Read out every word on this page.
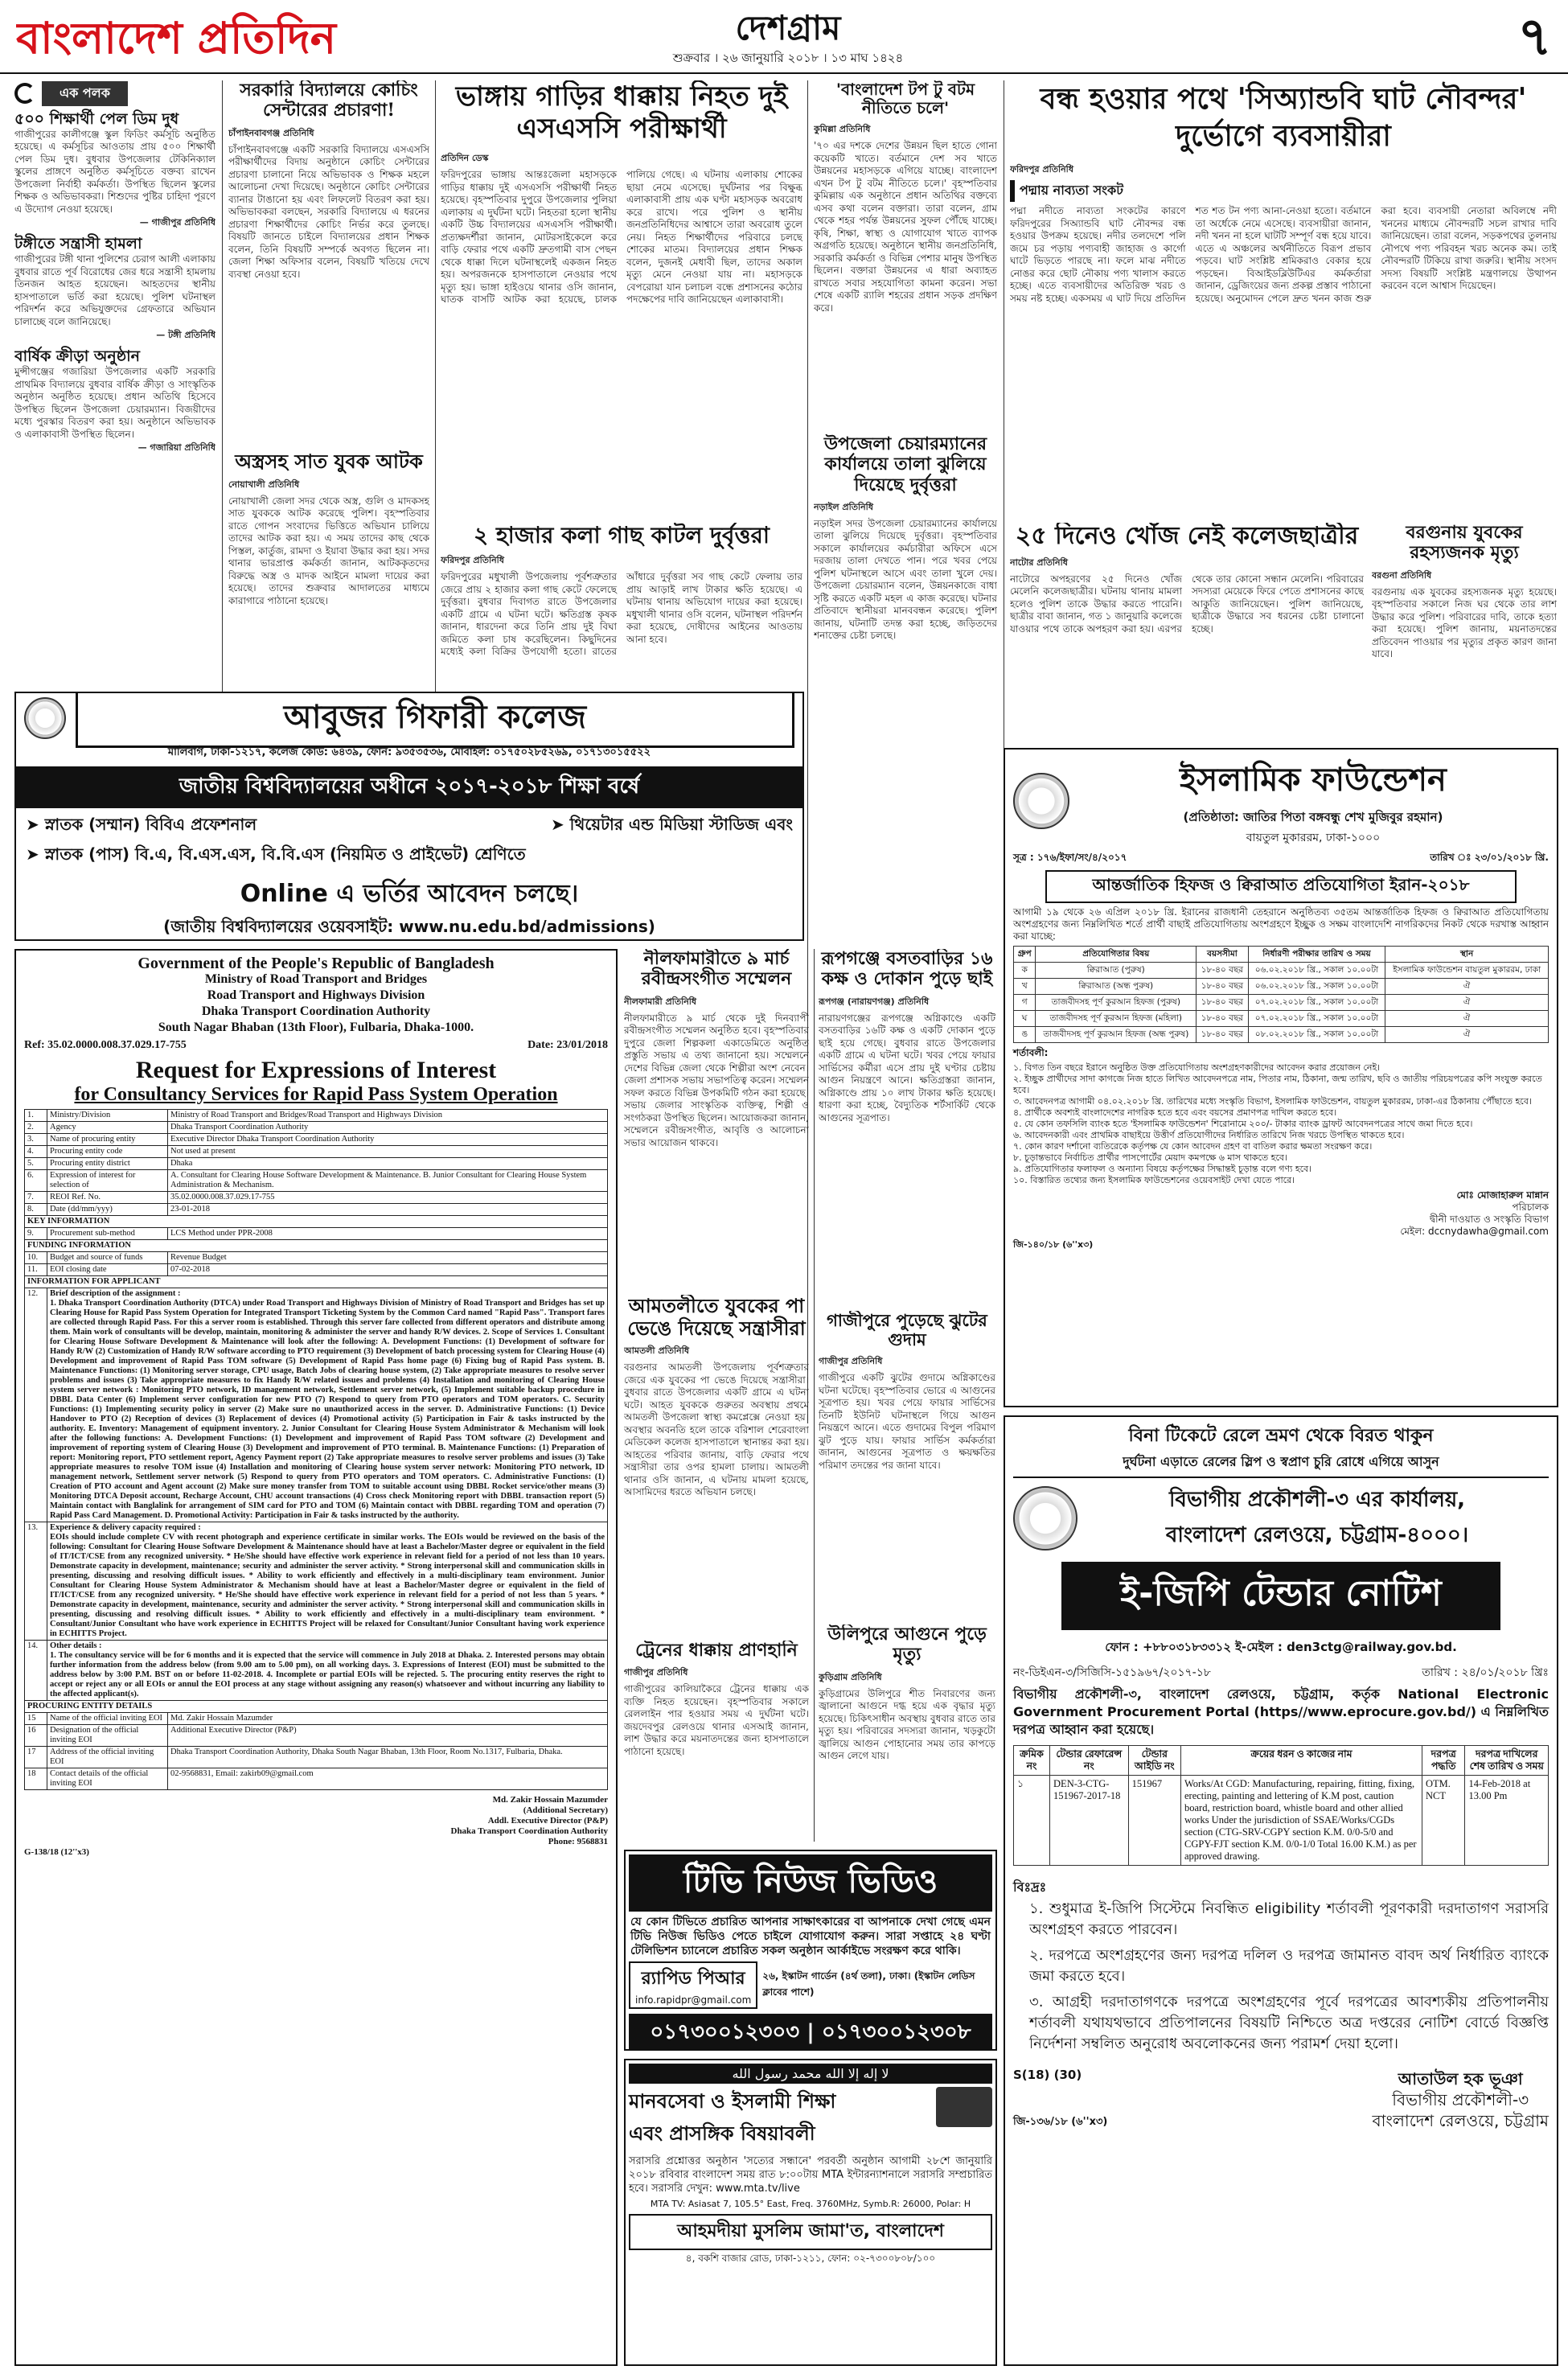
বাংলাদেশ প্রতিদিন	দেশগ্রাম
শুক্রবার । ২৬ জানুয়ারি ২০১৮ । ১৩ মাঘ ১৪২৪	৭
এক পলক
৫০০ শিক্ষার্থী পেল ডিম দুধ
গাজীপুরের কালীগঞ্জে স্কুল ফিডিং কর্মসূচি অনুষ্ঠিত হয়েছে। এ কর্মসূচির আওতায় প্রায় ৫০০ শিক্ষার্থী পেল ডিম দুধ। বুধবার উপজেলার টেকিনিক্যাল স্কুলের প্রাঙ্গণে অনুষ্ঠিত কর্মসূচিতে বক্তব্য রাখেন উপজেলা নির্বাহী কর্মকর্তা। উপস্থিত ছিলেন স্কুলের শিক্ষক ও অভিভাবকরা। শিশুদের পুষ্টির চাহিদা পূরণে এ উদ্যোগ নেওয়া হয়েছে।
— গাজীপুর প্রতিনিধি
টঙ্গীতে সন্ত্রাসী হামলা
গাজীপুরের টঙ্গী থানা পুলিশের চেরাগ আলী এলাকায় বুধবার রাতে পূর্ব বিরোধের জের ধরে সন্ত্রাসী হামলায় তিনজন আহত হয়েছেন। আহতদের স্থানীয় হাসপাতালে ভর্তি করা হয়েছে। পুলিশ ঘটনাস্থল পরিদর্শন করে অভিযুক্তদের গ্রেফতারে অভিযান চালাচ্ছে বলে জানিয়েছে।
— টঙ্গী প্রতিনিধি
বার্ষিক ক্রীড়া অনুষ্ঠান
মুন্সীগঞ্জের গজারিয়া উপজেলার একটি সরকারি প্রাথমিক বিদ্যালয়ে বুধবার বার্ষিক ক্রীড়া ও সাংস্কৃতিক অনুষ্ঠান অনুষ্ঠিত হয়েছে। প্রধান অতিথি হিসেবে উপস্থিত ছিলেন উপজেলা চেয়ারম্যান। বিজয়ীদের মধ্যে পুরস্কার বিতরণ করা হয়। অনুষ্ঠানে অভিভাবক ও এলাকাবাসী উপস্থিত ছিলেন।
— গজারিয়া প্রতিনিধি
সরকারি বিদ্যালয়ে কোচিং সেন্টারের প্রচারণা!
চাঁপাইনবাবগঞ্জ প্রতিনিধি
চাঁপাইনবাবগঞ্জে একটি সরকারি বিদ্যালয়ে এসএসসি পরীক্ষার্থীদের বিদায় অনুষ্ঠানে কোচিং সেন্টারের প্রচারণা চালানো নিয়ে অভিভাবক ও শিক্ষক মহলে আলোচনা দেখা দিয়েছে। অনুষ্ঠানে কোচিং সেন্টারের ব্যানার টাঙানো হয় এবং লিফলেট বিতরণ করা হয়। অভিভাবকরা বলছেন, সরকারি বিদ্যালয়ে এ ধরনের প্রচারণা শিক্ষার্থীদের কোচিং নির্ভর করে তুলছে। বিষয়টি জানতে চাইলে বিদ্যালয়ের প্রধান শিক্ষক বলেন, তিনি বিষয়টি সম্পর্কে অবগত ছিলেন না। জেলা শিক্ষা অফিসার বলেন, বিষয়টি খতিয়ে দেখে ব্যবস্থা নেওয়া হবে।
অস্ত্রসহ সাত যুবক আটক
নোয়াখালী প্রতিনিধি
নোয়াখালী জেলা সদর থেকে অস্ত্র, গুলি ও মাদকসহ সাত যুবককে আটক করেছে পুলিশ। বৃহস্পতিবার রাতে গোপন সংবাদের ভিত্তিতে অভিযান চালিয়ে তাদের আটক করা হয়। এ সময় তাদের কাছ থেকে পিস্তল, কার্তুজ, রামদা ও ইয়াবা উদ্ধার করা হয়। সদর থানার ভারপ্রাপ্ত কর্মকর্তা জানান, আটককৃতদের বিরুদ্ধে অস্ত্র ও মাদক আইনে মামলা দায়ের করা হয়েছে। তাদের শুক্রবার আদালতের মাধ্যমে কারাগারে পাঠানো হয়েছে।
ভাঙ্গায় গাড়ির ধাক্কায় নিহত দুই এসএসসি পরীক্ষার্থী
প্রতিদিন ডেস্ক
ফরিদপুরের ভাঙ্গায় আন্তঃজেলা মহাসড়কে গাড়ির ধাক্কায় দুই এসএসসি পরীক্ষার্থী নিহত হয়েছে। বৃহস্পতিবার দুপুরে উপজেলার পুলিয়া এলাকায় এ দুর্ঘটনা ঘটে। নিহতরা হলো স্থানীয় একটি উচ্চ বিদ্যালয়ের এসএসসি পরীক্ষার্থী। প্রত্যক্ষদর্শীরা জানান, মোটরসাইকেলে করে বাড়ি ফেরার পথে একটি দ্রুতগামী বাস পেছন থেকে ধাক্কা দিলে ঘটনাস্থলেই একজন নিহত হয়। অপরজনকে হাসপাতালে নেওয়ার পথে মৃত্যু হয়। ভাঙ্গা হাইওয়ে থানার ওসি জানান, ঘাতক বাসটি আটক করা হয়েছে, চালক পালিয়ে গেছে। এ ঘটনায় এলাকায় শোকের ছায়া নেমে এসেছে। দুর্ঘটনার পর বিক্ষুব্ধ এলাকাবাসী প্রায় এক ঘণ্টা মহাসড়ক অবরোধ করে রাখে। পরে পুলিশ ও স্থানীয় জনপ্রতিনিধিদের আশ্বাসে তারা অবরোধ তুলে নেয়। নিহত শিক্ষার্থীদের পরিবারে চলছে শোকের মাতম। বিদ্যালয়ের প্রধান শিক্ষক বলেন, দুজনই মেধাবী ছিল, তাদের অকাল মৃত্যু মেনে নেওয়া যায় না। মহাসড়কে বেপরোয়া যান চলাচল বন্ধে প্রশাসনের কঠোর পদক্ষেপের দাবি জানিয়েছেন এলাকাবাসী।
২ হাজার কলা গাছ কাটল দুর্বৃত্তরা
ফরিদপুর প্রতিনিধি
ফরিদপুরের মধুখালী উপজেলায় পূর্বশত্রুতার জেরে প্রায় ২ হাজার কলা গাছ কেটে ফেলেছে দুর্বৃত্তরা। বুধবার দিবাগত রাতে উপজেলার একটি গ্রামে এ ঘটনা ঘটে। ক্ষতিগ্রস্ত কৃষক জানান, ধারদেনা করে তিনি প্রায় দুই বিঘা জমিতে কলা চাষ করেছিলেন। কিছুদিনের মধ্যেই কলা বিক্রির উপযোগী হতো। রাতের আঁধারে দুর্বৃত্তরা সব গাছ কেটে ফেলায় তার প্রায় আড়াই লাখ টাকার ক্ষতি হয়েছে। এ ঘটনায় থানায় অভিযোগ দায়ের করা হয়েছে। মধুখালী থানার ওসি বলেন, ঘটনাস্থল পরিদর্শন করা হয়েছে, দোষীদের আইনের আওতায় আনা হবে।
'বাংলাদেশ টপ টু বটম নীতিতে চলে'
কুমিল্লা প্রতিনিধি
'৭০ এর দশকে দেশের উন্নয়ন ছিল হাতে গোনা কয়েকটি খাতে। বর্তমানে দেশ সব খাতে উন্নয়নের মহাসড়কে এগিয়ে যাচ্ছে। বাংলাদেশ এখন টপ টু বটম নীতিতে চলে।' বৃহস্পতিবার কুমিল্লায় এক অনুষ্ঠানে প্রধান অতিথির বক্তব্যে এসব কথা বলেন বক্তারা। তারা বলেন, গ্রাম থেকে শহর পর্যন্ত উন্নয়নের সুফল পৌঁছে যাচ্ছে। কৃষি, শিক্ষা, স্বাস্থ্য ও যোগাযোগ খাতে ব্যাপক অগ্রগতি হয়েছে। অনুষ্ঠানে স্থানীয় জনপ্রতিনিধি, সরকারি কর্মকর্তা ও বিভিন্ন পেশার মানুষ উপস্থিত ছিলেন। বক্তারা উন্নয়নের এ ধারা অব্যাহত রাখতে সবার সহযোগিতা কামনা করেন। সভা শেষে একটি র‍্যালি শহরের প্রধান সড়ক প্রদক্ষিণ করে।
উপজেলা চেয়ারম্যানের কার্যালয়ে তালা ঝুলিয়ে দিয়েছে দুর্বৃত্তরা
নড়াইল প্রতিনিধি
নড়াইল সদর উপজেলা চেয়ারম্যানের কার্যালয়ে তালা ঝুলিয়ে দিয়েছে দুর্বৃত্তরা। বৃহস্পতিবার সকালে কার্যালয়ের কর্মচারীরা অফিসে এসে দরজায় তালা দেখতে পান। পরে খবর পেয়ে পুলিশ ঘটনাস্থলে আসে এবং তালা খুলে দেয়। উপজেলা চেয়ারম্যান বলেন, উন্নয়নকাজে বাধা সৃষ্টি করতে একটি মহল এ কাজ করেছে। ঘটনার প্রতিবাদে স্থানীয়রা মানববন্ধন করেছে। পুলিশ জানায়, ঘটনাটি তদন্ত করা হচ্ছে, জড়িতদের শনাক্তের চেষ্টা চলছে।
বন্ধ হওয়ার পথে 'সিঅ্যান্ডবি ঘাট নৌবন্দর' দুর্ভোগে ব্যবসায়ীরা
ফরিদপুর প্রতিনিধি
পদ্মায় নাব্যতা সংকট
পদ্মা নদীতে নাব্যতা সংকটের কারণে ফরিদপুরের সিঅ্যান্ডবি ঘাট নৌবন্দর বন্ধ হওয়ার উপক্রম হয়েছে। নদীর তলদেশে পলি জমে চর পড়ায় পণ্যবাহী জাহাজ ও কার্গো ঘাটে ভিড়তে পারছে না। ফলে মাঝ নদীতে নোঙর করে ছোট নৌকায় পণ্য খালাস করতে হচ্ছে। এতে ব্যবসায়ীদের অতিরিক্ত খরচ ও সময় নষ্ট হচ্ছে। একসময় এ ঘাট দিয়ে প্রতিদিন শত শত টন পণ্য আনা-নেওয়া হতো। বর্তমানে তা অর্ধেকে নেমে এসেছে। ব্যবসায়ীরা জানান, নদী খনন না হলে ঘাটটি সম্পূর্ণ বন্ধ হয়ে যাবে। এতে এ অঞ্চলের অর্থনীতিতে বিরূপ প্রভাব পড়বে। ঘাট সংশ্লিষ্ট শ্রমিকরাও বেকার হয়ে পড়ছেন। বিআইডব্লিউটিএর কর্মকর্তারা জানান, ড্রেজিংয়ের জন্য প্রকল্প প্রস্তাব পাঠানো হয়েছে। অনুমোদন পেলে দ্রুত খনন কাজ শুরু করা হবে। ব্যবসায়ী নেতারা অবিলম্বে নদী খননের মাধ্যমে নৌবন্দরটি সচল রাখার দাবি জানিয়েছেন। তারা বলেন, সড়কপথের তুলনায় নৌপথে পণ্য পরিবহন খরচ অনেক কম। তাই নৌবন্দরটি টিকিয়ে রাখা জরুরি। স্থানীয় সংসদ সদস্য বিষয়টি সংশ্লিষ্ট মন্ত্রণালয়ে উত্থাপন করবেন বলে আশ্বাস দিয়েছেন।
২৫ দিনেও খোঁজ নেই কলেজছাত্রীর
নাটোর প্রতিনিধি
নাটোরে অপহরণের ২৫ দিনেও খোঁজ মেলেনি কলেজছাত্রীর। ঘটনায় থানায় মামলা হলেও পুলিশ তাকে উদ্ধার করতে পারেনি। ছাত্রীর বাবা জানান, গত ১ জানুয়ারি কলেজে যাওয়ার পথে তাকে অপহরণ করা হয়। এরপর থেকে তার কোনো সন্ধান মেলেনি। পরিবারের সদস্যরা মেয়েকে ফিরে পেতে প্রশাসনের কাছে আকুতি জানিয়েছেন। পুলিশ জানিয়েছে, ছাত্রীকে উদ্ধারে সব ধরনের চেষ্টা চালানো হচ্ছে।
বরগুনায় যুবকের রহস্যজনক মৃত্যু
বরগুনা প্রতিনিধি
বরগুনায় এক যুবকের রহস্যজনক মৃত্যু হয়েছে। বৃহস্পতিবার সকালে নিজ ঘর থেকে তার লাশ উদ্ধার করে পুলিশ। পরিবারের দাবি, তাকে হত্যা করা হয়েছে। পুলিশ জানায়, ময়নাতদন্তের প্রতিবেদন পাওয়ার পর মৃত্যুর প্রকৃত কারণ জানা যাবে।
আবুজর গিফারী কলেজ
মালিবাগ, ঢাকা-১২১৭, কলেজ কোড: ৬৪৩৯, ফোন: ৯৩৫৩৫৩৬, মোবাইল: ০১৭৫০২৮৫২৬৯, ০১৭১৩০১৫৫২২
জাতীয় বিশ্ববিদ্যালয়ের অধীনে ২০১৭-২০১৮ শিক্ষা বর্ষে
➤ স্নাতক (সম্মান) বিবিএ প্রফেশনাল	➤ থিয়েটার এন্ড মিডিয়া স্টাডিজ এবং
➤ স্নাতক (পাস) বি.এ, বি.এস.এস, বি.বি.এস (নিয়মিত ও প্রাইভেট) শ্রেণিতে
Online এ ভর্তির আবেদন চলছে।
(জাতীয় বিশ্ববিদ্যালয়ের ওয়েবসাইট: www.nu.edu.bd/admissions)
Government of the People's Republic of Bangladesh
Ministry of Road Transport and Bridges
Road Transport and Highways Division
Dhaka Transport Coordination Authority
South Nagar Bhaban (13th Floor), Fulbaria, Dhaka-1000.
Ref: 35.02.0000.008.37.029.17-755	Date: 23/01/2018
Request for Expressions of Interest
for Consultancy Services for Rapid Pass System Operation
1.	Ministry/Division	Ministry of Road Transport and Bridges/Road Transport and Highways Division
2.	Agency	Dhaka Transport Coordination Authority
3.	Name of procuring entity	Executive Director Dhaka Transport Coordination Authority
4.	Procuring entity code	Not used at present
5.	Procuring entity district	Dhaka
6.	Expression of interest for selection of	A. Consultant for Clearing House Software Development & Maintenance. B. Junior Consultant for Clearing House System Administration & Mechanism.
7.	REOI Ref. No.	35.02.0000.008.37.029.17-755
8.	Date (dd/mm/yyy)	23-01-2018
KEY INFORMATION		
9.	Procurement sub-method	LCS Method under PPR-2008
FUNDING INFORMATION		
10.	Budget and source of funds	Revenue Budget
11.	EOI closing date	07-02-2018
INFORMATION FOR APPLICANT		
12.	Brief description of the assignment :
1. Dhaka Transport Coordination Authority (DTCA) under Road Transport and Highways Division of Ministry of Road Transport and Bridges has set up Clearing House for Rapid Pass System Operation for Integrated Transport Ticketing System by the Common Card named "Rapid Pass". Transport fares are collected through Rapid Pass. For this a server room is established. Through this server fare collected from different operators and distribute among them. Main work of consultants will be develop, maintain, monitoring & administer the server and handy R/W devices. 2. Scope of Services 1. Consultant for Clearing House Software Development & Maintenance will look after the following: A. Development Functions: (1) Development of software for Handy R/W (2) Customization of Handy R/W software according to PTO requirement (3) Development of batch processing system for Clearing House (4) Development and improvement of Rapid Pass TOM software (5) Development of Rapid Pass home page (6) Fixing bug of Rapid Pass system. B. Maintenance Functions: (1) Monitoring server storage, CPU usage, Batch Jobs of clearing house system, (2) Take appropriate measures to resolve server problems and issues (3) Take appropriate measures to fix Handy R/W related issues and problems (4) Installation and monitoring of Clearing House system server network : Monitoring PTO network, ID management network, Settlement server network, (5) Implement suitable backup procedure in DBBL Data Center (6) Implement server configuration for new PTO (7) Respond to query from PTO operators and TOM operators. C. Security Functions: (1) Implementing security policy in server (2) Make sure no unauthorized access in the server. D. Administrative Functions: (1) Device Handover to PTO (2) Reception of devices (3) Replacement of devices (4) Promotional activity (5) Participation in Fair & tasks instructed by the authority. E. Inventory: Management of equipment inventory. 2. Junior Consultant for Clearing House System Administrator & Mechanism will look after the following functions: A. Development Functions: (1) Development and improvement of Rapid Pass TOM software (2) Development and improvement of reporting system of Clearing House (3) Development and improvement of PTO terminal. B. Maintenance Functions: (1) Preparation of report: Monitoring report, PTO settlement report, Agency Payment report (2) Take appropriate measures to resolve server problems and issues (3) Take appropriate measures to resolve TOM issue (4) Installation and monitoring of Clearing house system server network: Monitoring PTO network, ID management network, Settlement server network (5) Respond to query from PTO operators and TOM operators. C. Administrative Functions: (1) Creation of PTO account and Agent account (2) Make sure money transfer from TOM to suitable account using DBBL Rocket service/other means (3) Monitoring DTCA Deposit account, Recharge Account, CHU account transactions (4) Cross check Monitoring report with DBBL transaction report (5) Maintain contact with Banglalink for arrangement of SIM card for PTO and TOM (6) Maintain contact with DBBL regarding TOM and operation (7) Rapid Pass Card Management. D. Promotional Activity: Participation in Fair & tasks instructed by the authority.	

13.	Experience & delivery capacity required :
EOIs should include complete CV with recent photograph and experience certificate in similar works. The EOIs would be reviewed on the basis of the following: Consultant for Clearing House Software Development & Maintenance should have at least a Bachelor/Master degree or equivalent in the field of IT/ICT/CSE from any recognized university. * He/She should have effective work experience in relevant field for a period of not less than 10 years. Demonstrate capacity in development, maintenance; security and administer the server activity. * Strong interpersonal skill and communication skills in presenting, discussing and resolving difficult issues. * Ability to work efficiently and effectively in a multi-disciplinary team environment. Junior Consultant for Clearing House System Administrator & Mechanism should have at least a Bachelor/Master degree or equivalent in the field of IT/ICT/CSE from any recognized university. * He/She should have effective work experience in relevant field for a period of not less than 5 years. * Demonstrate capacity in development, maintenance, security and administer the server activity. * Strong interpersonal skill and communication skills in presenting, discussing and resolving difficult issues. * Ability to work efficiently and effectively in a multi-disciplinary team environment. * Consultant/Junior Consultant who have work experience in ECHITTS Project will be relaxed for Consultant/Junior Consultant having work experience in ECHITTS Project.	

14.	Other details :
1. The consultancy service will be for 6 months and it is expected that the service will commence in July 2018 at Dhaka. 2. Interested persons may obtain further information from the address below (from 9.00 am to 5.00 pm), on all working days. 3. Expressions of Interest (EOI) must be submitted to the address below by 3:00 P.M. BST on or before 11-02-2018. 4. Incomplete or partial EOIs will be rejected. 5. The procuring entity reserves the right to accept or reject any or all EOIs or annul the EOI process at any stage without assigning any reason(s) whatsoever and without incurring any liability to the affected applicant(s).	

PROCURING ENTITY DETAILS		
15	Name of the official inviting EOI	Md. Zakir Hossain Mazumder
16	Designation of the official inviting EOI	Additional Executive Director (P&P)
17	Address of the official inviting EOI	Dhaka Transport Coordination Authority, Dhaka South Nagar Bhaban, 13th Floor, Room No.1317, Fulbaria, Dhaka.
18	Contact details of the official inviting EOI	02-9568831, Email: zakirb09@gmail.com
Md. Zakir Hossain Mazumder
(Additional Secretary)
Addl. Executive Director (P&P)
Dhaka Transport Coordination Authority
Phone: 9568831
G-138/18 (12''x3)
নীলফামারীতে ৯ মার্চ রবীন্দ্রসংগীত সম্মেলন
নীলফামারী প্রতিনিধি
নীলফামারীতে ৯ মার্চ থেকে দুই দিনব্যাপী রবীন্দ্রসংগীত সম্মেলন অনুষ্ঠিত হবে। বৃহস্পতিবার দুপুরে জেলা শিল্পকলা একাডেমিতে অনুষ্ঠিত প্রস্তুতি সভায় এ তথ্য জানানো হয়। সম্মেলনে দেশের বিভিন্ন জেলা থেকে শিল্পীরা অংশ নেবেন। জেলা প্রশাসক সভায় সভাপতিত্ব করেন। সম্মেলন সফল করতে বিভিন্ন উপকমিটি গঠন করা হয়েছে। সভায় জেলার সাংস্কৃতিক ব্যক্তিত্ব, শিল্পী ও সংগঠকরা উপস্থিত ছিলেন। আয়োজকরা জানান, সম্মেলনে রবীন্দ্রসংগীত, আবৃত্তি ও আলোচনা সভার আয়োজন থাকবে।
আমতলীতে যুবকের পা ভেঙে দিয়েছে সন্ত্রাসীরা
আমতলী প্রতিনিধি
বরগুনার আমতলী উপজেলায় পূর্বশত্রুতার জেরে এক যুবকের পা ভেঙে দিয়েছে সন্ত্রাসীরা। বুধবার রাতে উপজেলার একটি গ্রামে এ ঘটনা ঘটে। আহত যুবককে গুরুতর অবস্থায় প্রথমে আমতলী উপজেলা স্বাস্থ্য কমপ্লেক্সে নেওয়া হয়। অবস্থার অবনতি হলে তাকে বরিশাল শেরেবাংলা মেডিকেল কলেজ হাসপাতালে স্থানান্তর করা হয়। আহতের পরিবার জানায়, বাড়ি ফেরার পথে সন্ত্রাসীরা তার ওপর হামলা চালায়। আমতলী থানার ওসি জানান, এ ঘটনায় মামলা হয়েছে, আসামিদের ধরতে অভিযান চলছে।
ট্রেনের ধাক্কায় প্রাণহানি
গাজীপুর প্রতিনিধি
গাজীপুরের কালিয়াকৈরে ট্রেনের ধাক্কায় এক ব্যক্তি নিহত হয়েছেন। বৃহস্পতিবার সকালে রেললাইন পার হওয়ার সময় এ দুর্ঘটনা ঘটে। জয়দেবপুর রেলওয়ে থানার এসআই জানান, লাশ উদ্ধার করে ময়নাতদন্তের জন্য হাসপাতালে পাঠানো হয়েছে।
রূপগঞ্জে বসতবাড়ির ১৬ কক্ষ ও দোকান পুড়ে ছাই
রূপগঞ্জ (নারায়ণগঞ্জ) প্রতিনিধি
নারায়ণগঞ্জের রূপগঞ্জে অগ্নিকাণ্ডে একটি বসতবাড়ির ১৬টি কক্ষ ও একটি দোকান পুড়ে ছাই হয়ে গেছে। বুধবার রাতে উপজেলার একটি গ্রামে এ ঘটনা ঘটে। খবর পেয়ে ফায়ার সার্ভিসের কর্মীরা এসে প্রায় দুই ঘণ্টার চেষ্টায় আগুন নিয়ন্ত্রণে আনে। ক্ষতিগ্রস্তরা জানান, অগ্নিকাণ্ডে প্রায় ১০ লাখ টাকার ক্ষতি হয়েছে। ধারণা করা হচ্ছে, বৈদ্যুতিক শর্টসার্কিট থেকে আগুনের সূত্রপাত।
গাজীপুরে পুড়েছে ঝুটের গুদাম
গাজীপুর প্রতিনিধি
গাজীপুরে একটি ঝুটের গুদামে অগ্নিকাণ্ডের ঘটনা ঘটেছে। বৃহস্পতিবার ভোরে এ আগুনের সূত্রপাত হয়। খবর পেয়ে ফায়ার সার্ভিসের তিনটি ইউনিট ঘটনাস্থলে গিয়ে আগুন নিয়ন্ত্রণে আনে। এতে গুদামের বিপুল পরিমাণ ঝুট পুড়ে যায়। ফায়ার সার্ভিস কর্মকর্তারা জানান, আগুনের সূত্রপাত ও ক্ষয়ক্ষতির পরিমাণ তদন্তের পর জানা যাবে।
উলিপুরে আগুনে পুড়ে মৃত্যু
কুড়িগ্রাম প্রতিনিধি
কুড়িগ্রামের উলিপুরে শীত নিবারণের জন্য জ্বালানো আগুনে দগ্ধ হয়ে এক বৃদ্ধার মৃত্যু হয়েছে। চিকিৎসাধীন অবস্থায় বুধবার রাতে তার মৃত্যু হয়। পরিবারের সদস্যরা জানান, খড়কুটো জ্বালিয়ে আগুন পোহানোর সময় তার কাপড়ে আগুন লেগে যায়।
টিভি নিউজ ভিডিও
যে কোন টিভিতে প্রচারিত আপনার সাক্ষাৎকারের বা আপনাকে দেখা গেছে এমন টিভি নিউজ ভিডিও পেতে চাইলে যোগাযোগ করুন। সারা সপ্তাহে ২৪ ঘণ্টা টেলিভিশন চ্যানেলে প্রচারিত সকল অনুষ্ঠান আর্কাইভে সংরক্ষণ করে থাকি।
র‍্যাপিড পিআর
info.rapidpr@gmail.com
২৬, ইস্কাটন গার্ডেন (৪র্থ তলা), ঢাকা। (ইস্কাটন লেডিস ক্লাবের পাশে)
০১৭৩০০১২৩০৩ | ০১৭৩০০১২৩০৮
لا إله إلا الله محمد رسول الله
মানবসেবা ও ইসলামী শিক্ষা
এবং প্রাসঙ্গিক বিষয়াবলী
সরাসরি প্রশ্নোত্তর অনুষ্ঠান 'সত্যের সন্ধানে' পরবর্তী অনুষ্ঠান আগামী ২৮শে জানুয়ারি ২০১৮ রবিবার বাংলাদেশ সময় রাত ৮:০০টায় MTA ইন্টারন্যাশনালে সরাসরি সম্প্রচারিত হবে। সরাসরি দেখুন: www.mta.tv/live
MTA TV: Asiasat 7, 105.5° East, Freq. 3760MHz, Symb.R: 26000, Polar: H
আহমদীয়া মুসলিম জামা'ত, বাংলাদেশ
৪, বকশি বাজার রোড, ঢাকা-১২১১, ফোন: ০২-৭৩০০৮০৮/১০০
ইসলামিক ফাউন্ডেশন
(প্রতিষ্ঠাতা: জাতির পিতা বঙ্গবন্ধু শেখ মুজিবুর রহমান)
বায়তুল মুকাররম, ঢাকা-১০০০
সূত্র : ১৭৬/ইফা/সং/৪/২০১৭	তারিখ ঃ ২৩/০১/২০১৮ খ্রি.
আন্তর্জাতিক হিফজ ও ক্বিরাআত প্রতিযোগিতা ইরান-২০১৮
আগামী ১৯ থেকে ২৬ এপ্রিল ২০১৮ খ্রি. ইরানের রাজধানী তেহরানে অনুষ্ঠিতব্য ৩৫তম আন্তর্জাতিক হিফজ ও ক্বিরাআত প্রতিযোগিতায় অংশগ্রহণের জন্য নিম্নলিখিত শর্তে প্রার্থী বাছাই প্রতিযোগিতায় অংশগ্রহণে ইচ্ছুক ও সক্ষম বাংলাদেশি নাগরিকদের নিকট থেকে দরখাস্ত আহ্বান করা যাচ্ছে:
গ্রুপ	প্রতিযোগিতার বিষয়	বয়সসীমা	নির্ধারণী পরীক্ষার তারিখ ও সময়	স্থান
ক	ক্বিরাআত (পুরুষ)	১৮-৪০ বছর	০৬.০২.২০১৮ খ্রি., সকাল ১০.০০টা	ইসলামিক ফাউন্ডেশন বায়তুল মুকাররম, ঢাকা
খ	ক্বিরাআত (অন্ধ পুরুষ)	১৮-৪০ বছর	০৬.০২.২০১৮ খ্রি., সকাল ১০.০০টা	ঐ
গ	তাজবীদসহ পূর্ণ কুরআন হিফজ (পুরুষ)	১৮-৪০ বছর	০৭.০২.২০১৮ খ্রি., সকাল ১০.০০টা	ঐ
ঘ	তাজবীদসহ পূর্ণ কুরআন হিফজ (মহিলা)	১৮-৪০ বছর	০৭.০২.২০১৮ খ্রি., সকাল ১০.০০টা	ঐ
ঙ	তাজবীদসহ পূর্ণ কুরআন হিফজ (অন্ধ পুরুষ)	১৮-৪০ বছর	০৮.০২.২০১৮ খ্রি., সকাল ১০.০০টা	ঐ
শর্তাবলী:
১. বিগত তিন বছরে ইরানে অনুষ্ঠিত উক্ত প্রতিযোগিতায় অংশগ্রহণকারীদের আবেদন করার প্রয়োজন নেই।
২. ইচ্ছুক প্রার্থীদের সাদা কাগজে নিজ হাতে লিখিত আবেদনপত্রে নাম, পিতার নাম, ঠিকানা, জন্ম তারিখ, ছবি ও জাতীয় পরিচয়পত্রের কপি সংযুক্ত করতে হবে।
৩. আবেদনপত্র আগামী ০৪.০২.২০১৮ খ্রি. তারিখের মধ্যে সংস্কৃতি বিভাগ, ইসলামিক ফাউন্ডেশন, বায়তুল মুকাররম, ঢাকা-এর ঠিকানায় পৌঁছাতে হবে।
৪. প্রার্থীকে অবশ্যই বাংলাদেশের নাগরিক হতে হবে এবং বয়সের প্রমাণপত্র দাখিল করতে হবে।
৫. যে কোন তফসিলি ব্যাংক হতে 'ইসলামিক ফাউন্ডেশন' শিরোনামে ২০০/- টাকার ব্যাংক ড্রাফট আবেদনপত্রের সাথে জমা দিতে হবে।
৬. আবেদনকারী এবং প্রাথমিক বাছাইয়ে উত্তীর্ণ প্রতিযোগীদের নির্ধারিত তারিখে নিজ খরচে উপস্থিত থাকতে হবে।
৭. কোন কারণ দর্শানো ব্যতিরেকে কর্তৃপক্ষ যে কোন আবেদন গ্রহণ বা বাতিল করার ক্ষমতা সংরক্ষণ করে।
৮. চূড়ান্তভাবে নির্বাচিত প্রার্থীর পাসপোর্টের মেয়াদ কমপক্ষে ৬ মাস থাকতে হবে।
৯. প্রতিযোগিতার ফলাফল ও অন্যান্য বিষয়ে কর্তৃপক্ষের সিদ্ধান্তই চূড়ান্ত বলে গণ্য হবে।
১০. বিস্তারিত তথ্যের জন্য ইসলামিক ফাউন্ডেশনের ওয়েবসাইট দেখা যেতে পারে।
মোঃ মোজাহারুল মান্নান
পরিচালক
দ্বীনী দাওয়াত ও সংস্কৃতি বিভাগ
মেইল: dccnydawha@gmail.com
জি-১৪০/১৮ (৬''x৩)
বিনা টিকেটে রেলে ভ্রমণ থেকে বিরত থাকুন
দুর্ঘটনা এড়াতে রেলের স্লিপ ও স্বপ্রাণ চুরি রোধে এগিয়ে আসুন
বিভাগীয় প্রকৌশলী-৩ এর কার্যালয়,
বাংলাদেশ রেলওয়ে, চট্টগ্রাম-৪০০০।
ই-জিপি টেন্ডার নোটিশ
ফোন : +৮৮০৩১৮৩৩১২ ই-মেইল : den3ctg@railway.gov.bd.
নং-ডিইএন-৩/সিজিসি-১৫১৯৬৭/২০১৭-১৮	তারিখ : ২৪/০১/২০১৮ খ্রিঃ
বিভাগীয় প্রকৌশলী-৩, বাংলাদেশ রেলওয়ে, চট্টগ্রাম, কর্তৃক National Electronic Government Procurement Portal (https//www.eprocure.gov.bd/) এ নিম্নলিখিত দরপত্র আহ্বান করা হয়েছে।
ক্রমিক নং	টেন্ডার রেফারেন্স নং	টেন্ডার আইডি নং	ক্রয়ের ধরন ও কাজের নাম	দরপত্র পদ্ধতি	দরপত্র দাখিলের শেষ তারিখ ও সময়
১	DEN-3-CTG-151967-2017-18	151967	Works/At CGD: Manufacturing, repairing, fitting, fixing, erecting, painting and lettering of K.M post, caution board, restriction board, whistle board and other allied works Under the jurisdiction of SSAE/Works/CGDs section (CTG-SRV-CGPY section K.M. 0/0-5/0 and CGPY-FJT section K.M. 0/0-1/0 Total 16.00 K.M.) as per approved drawing.	OTM. NCT	14-Feb-2018 at 13.00 Pm
বিঃদ্রঃ
১. শুধুমাত্র ই-জিপি সিস্টেমে নিবন্ধিত eligibility শর্তাবলী পূরণকারী দরদাতাগণ সরাসরি অংশগ্রহণ করতে পারবেন।
২. দরপত্রে অংশগ্রহণের জন্য দরপত্র দলিল ও দরপত্র জামানত বাবদ অর্থ নির্ধারিত ব্যাংকে জমা করতে হবে।
৩. আগ্রহী দরদাতাগণকে দরপত্রে অংশগ্রহণের পূর্বে দরপত্রের আবশ্যকীয় প্রতিপালনীয় শর্তাবলী যথাযথভাবে প্রতিপালনের বিষয়টি নিশ্চিতে অত্র দপ্তরের নোটিশ বোর্ডে বিজ্ঞপ্তি নির্দেশনা সম্বলিত অনুরোধ অবলোকনের জন্য পরামর্শ দেয়া হলো।
S(18) (30)
জি-১৩৬/১৮ (৬''x৩)
আতাউল হক ভূঞা
বিভাগীয় প্রকৌশলী-৩
বাংলাদেশ রেলওয়ে, চট্টগ্রাম
